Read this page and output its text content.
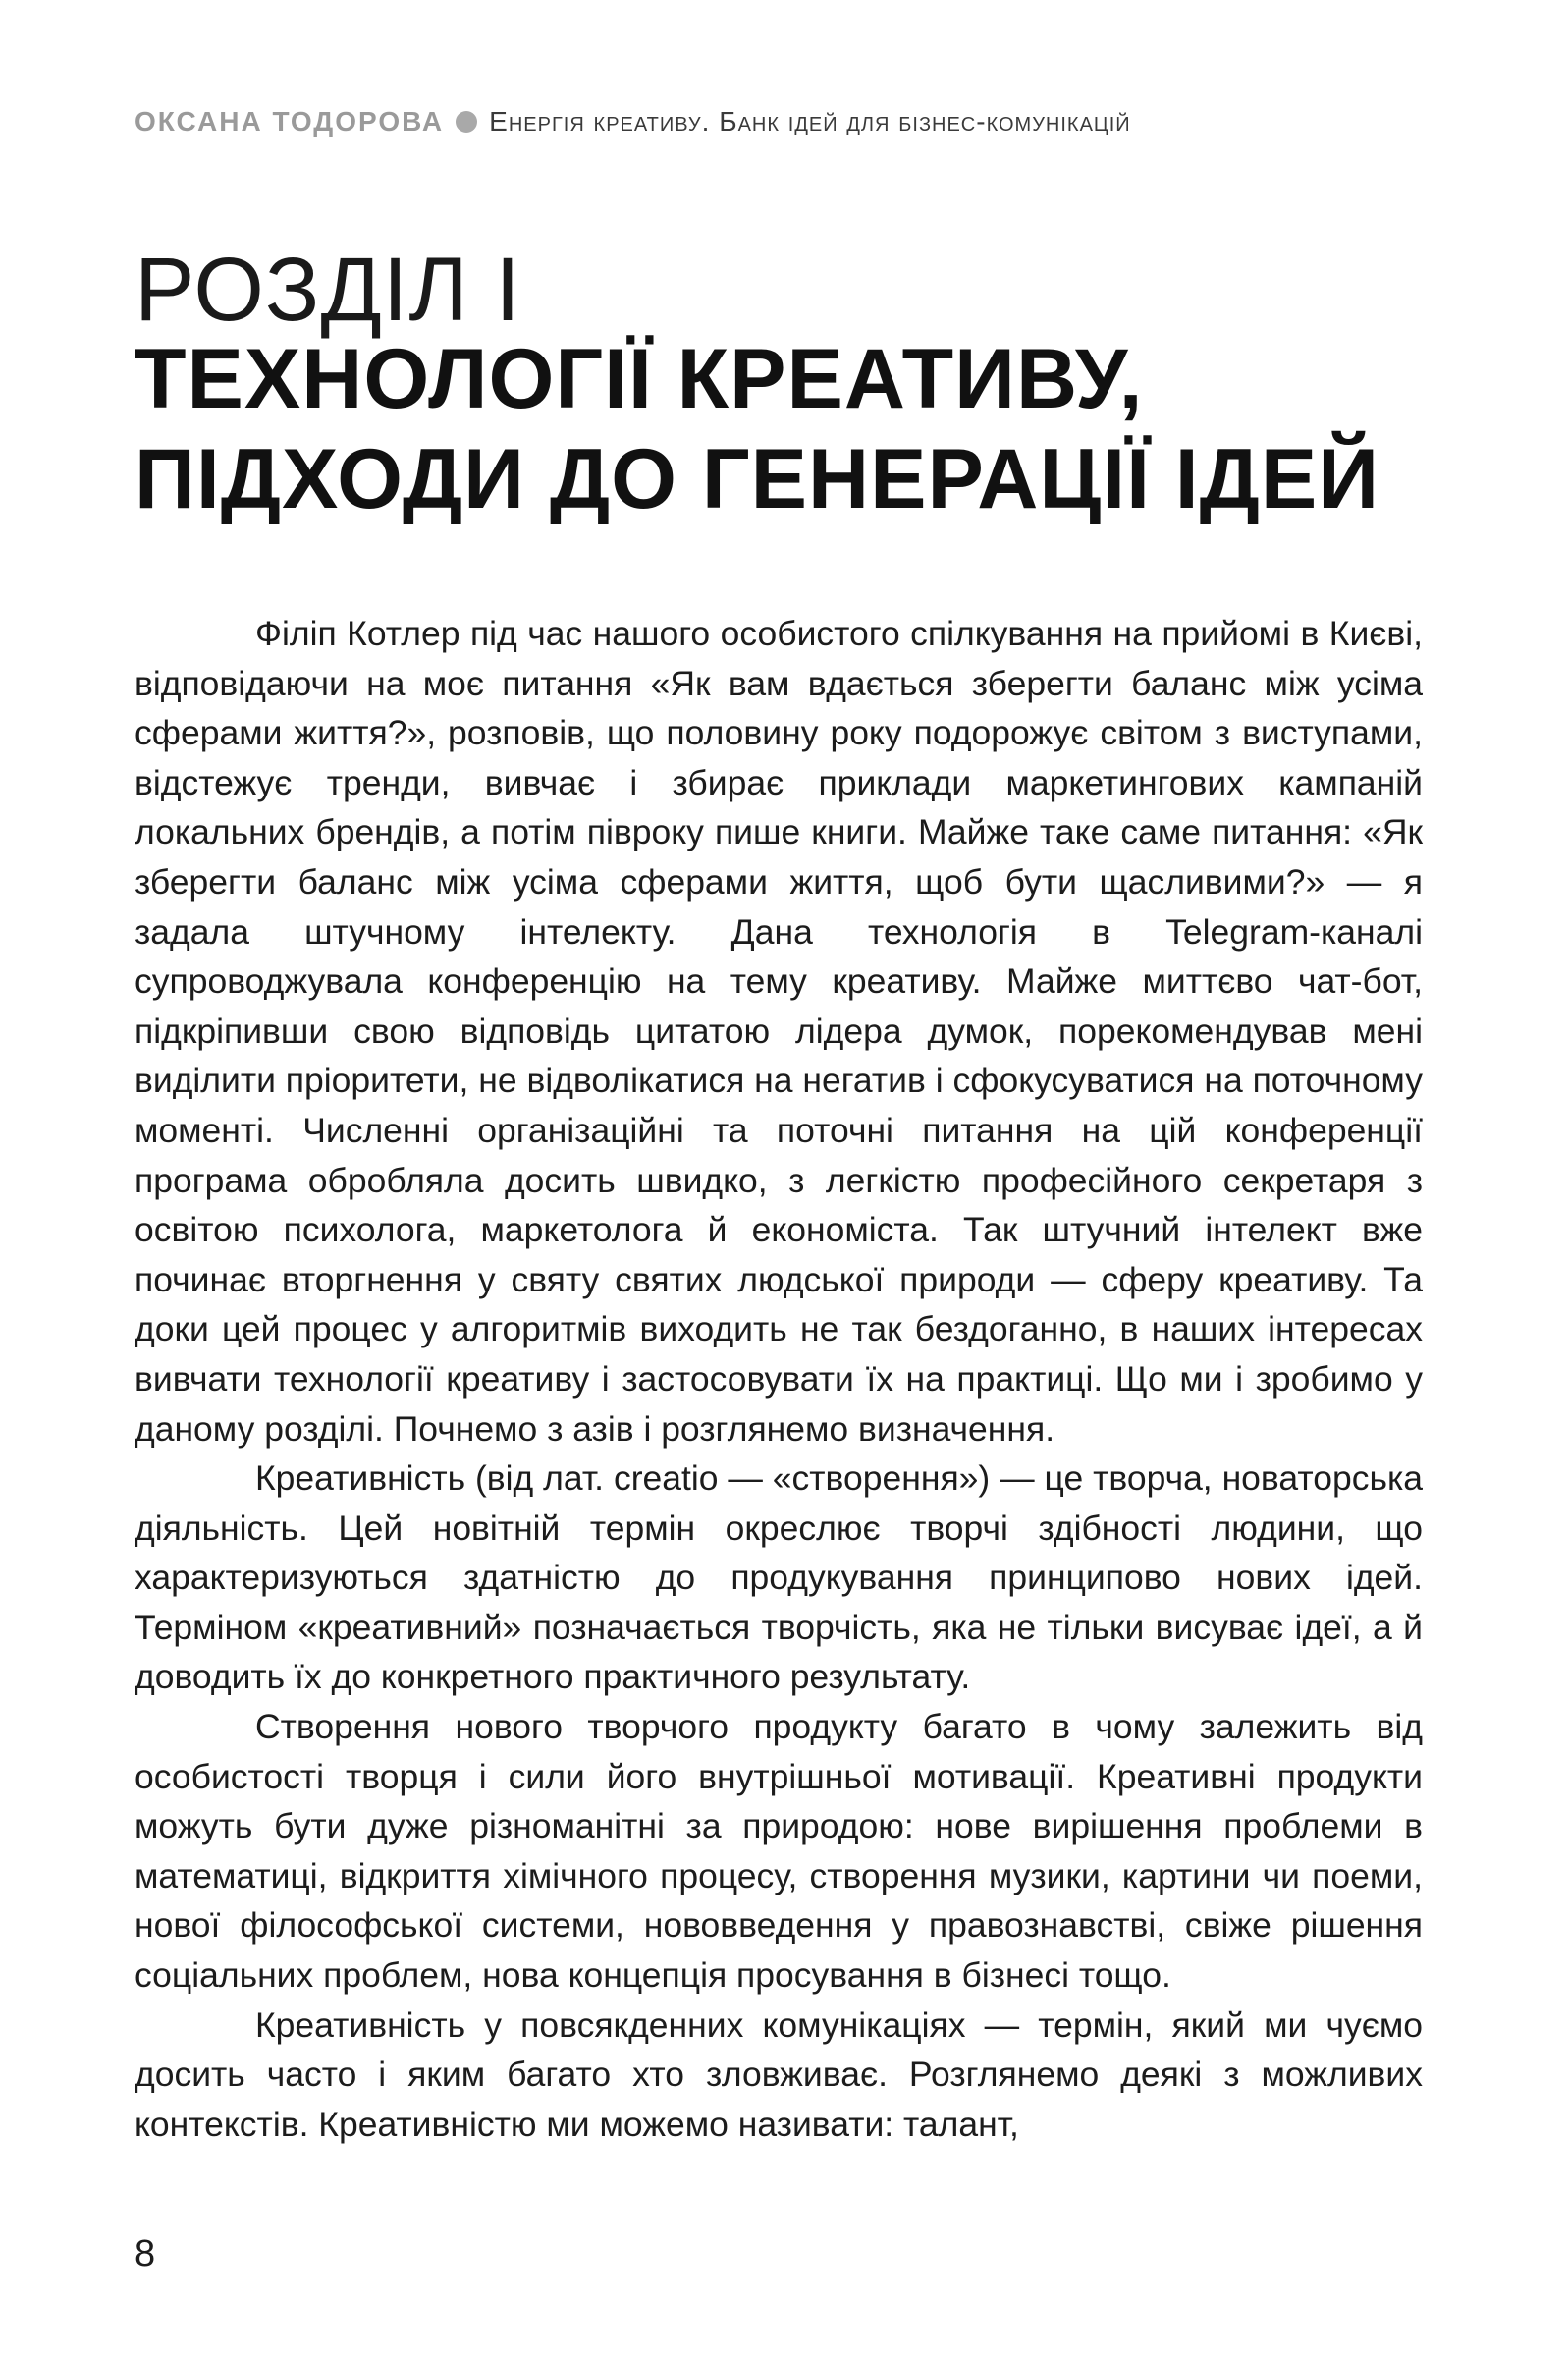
ОКСАНА ТОДОРОВА Енергія креативу. Банк ідей для бізнес-комунікацій
РОЗДІЛ І
ТЕХНОЛОГІЇ КРЕАТИВУ,
ПІДХОДИ ДО ГЕНЕРАЦІЇ ІДЕЙ

Філіп Котлер під час нашого особистого спілкування на прийомі в Києві, відповідаючи на моє питання «Як вам вдається зберегти баланс між усіма сферами життя?», розповів, що половину року подорожує світом з виступами, відстежує тренди, вивчає і збирає приклади маркетингових кампаній локальних брендів, а потім півроку пише книги. Майже таке саме питання: «Як зберегти баланс між усіма сферами життя, щоб бути щасливими?» — я задала штучному інтелекту. Дана технологія в Telegram-каналі супроводжувала конференцію на тему креативу. Майже миттєво чат-бот, підкріпивши свою відповідь цитатою лідера думок, порекомендував мені виділити пріоритети, не відволікатися на негатив і сфокусуватися на поточному моменті. Численні організаційні та поточні питання на цій конференції програма обробляла досить швидко, з легкістю професійного секретаря з освітою психолога, маркетолога й економіста. Так штучний інтелект вже починає вторгнення у святу святих людської природи — сферу креативу. Та доки цей процес у алгоритмів виходить не так бездоганно, в наших інтересах вивчати технології креативу і застосовувати їх на практиці. Що ми і зробимо у даному розділі. Почнемо з азів і розглянемо визначення.

Креативність (від лат. creatio — «створення») — це творча, новаторська діяльність. Цей новітній термін окреслює творчі здібності людини, що характеризуються здатністю до продукування принципово нових ідей. Терміном «креативний» позначається творчість, яка не тільки висуває ідеї, а й доводить їх до конкретного практичного результату.

Створення нового творчого продукту багато в чому залежить від особистості творця і сили його внутрішньої мотивації. Креативні продукти можуть бути дуже різноманітні за природою: нове вирішення проблеми в математиці, відкриття хімічного процесу, створення музики, картини чи поеми, нової філософської системи, нововведення у правознавстві, свіже рішення соціальних проблем, нова концепція просування в бізнесі тощо.

Креативність у повсякденних комунікаціях — термін, який ми чуємо досить часто і яким багато хто зловживає. Розглянемо деякі з можливих контекстів. Креативністю ми можемо називати: талант,

8
